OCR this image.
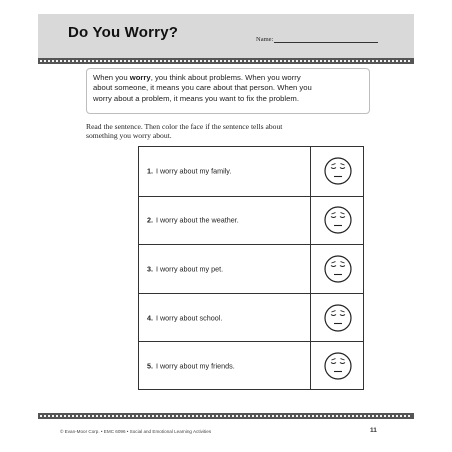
Do You Worry?	Name:
When you worry, you think about problems. When you worry
about someone, it means you care about that person. When you
worry about a problem, it means you want to fix the problem.
Read the sentence. Then color the face if the sentence tells about
something you worry about.
1. I worry about my family.
2. I worry about the weather.
3. I worry about my pet.
4. I worry about school.
5. I worry about my friends.
© Evan-Moor Corp. • EMC 6096 • Social and Emotional Learning Activities	11
